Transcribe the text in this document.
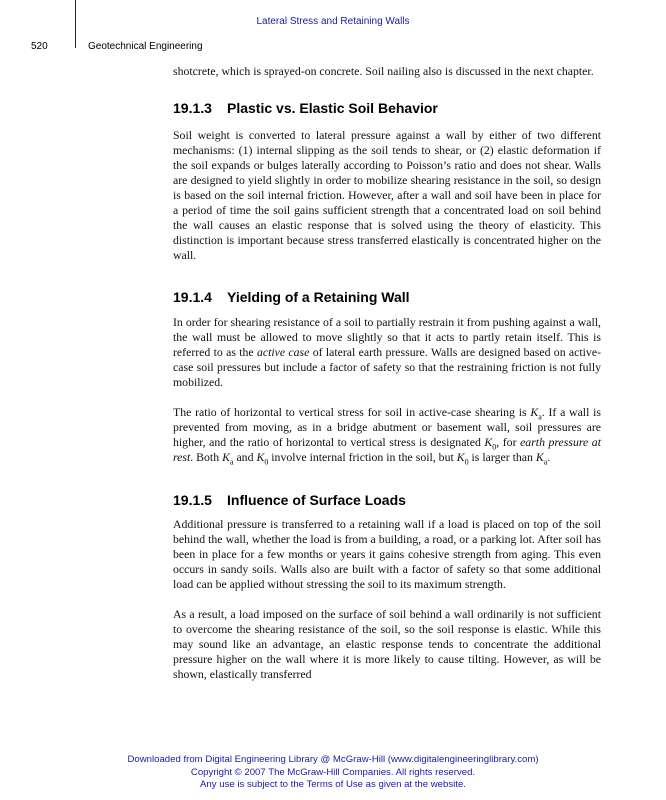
Lateral Stress and Retaining Walls
520	Geotechnical Engineering

shotcrete, which is sprayed-on concrete. Soil nailing also is discussed in the next chapter.

19.1.3 Plastic vs. Elastic Soil Behavior

Soil weight is converted to lateral pressure against a wall by either of two different mechanisms: (1) internal slipping as the soil tends to shear, or (2) elastic deformation if the soil expands or bulges laterally according to Poisson’s ratio and does not shear. Walls are designed to yield slightly in order to mobilize shearing resistance in the soil, so design is based on the soil internal friction. However, after a wall and soil have been in place for a period of time the soil gains sufficient strength that a concentrated load on soil behind the wall causes an elastic response that is solved using the theory of elasticity. This distinction is important because stress transferred elastically is concentrated higher on the wall.

19.1.4 Yielding of a Retaining Wall

In order for shearing resistance of a soil to partially restrain it from pushing against a wall, the wall must be allowed to move slightly so that it acts to partly retain itself. This is referred to as the active case of lateral earth pressure. Walls are designed based on active-case soil pressures but include a factor of safety so that the restraining friction is not fully mobilized.

The ratio of horizontal to vertical stress for soil in active-case shearing is $K_a$. If a wall is prevented from moving, as in a bridge abutment or basement wall, soil pressures are higher, and the ratio of horizontal to vertical stress is designated $K_0$, for earth pressure at rest. Both $K_a$ and $K_0$ involve internal friction in the soil, but $K_0$ is larger than $K_a$.

19.1.5 Influence of Surface Loads

Additional pressure is transferred to a retaining wall if a load is placed on top of the soil behind the wall, whether the load is from a building, a road, or a parking lot. After soil has been in place for a few months or years it gains cohesive strength from aging. This even occurs in sandy soils. Walls also are built with a factor of safety so that some additional load can be applied without stressing the soil to its maximum strength.

As a result, a load imposed on the surface of soil behind a wall ordinarily is not sufficient to overcome the shearing resistance of the soil, so the soil response is elastic. While this may sound like an advantage, an elastic response tends to concentrate the additional pressure higher on the wall where it is more likely to cause tilting. However, as will be shown, elastically transferred

Downloaded from Digital Engineering Library @ McGraw-Hill (www.digitalengineeringlibrary.com)
Copyright © 2007 The McGraw-Hill Companies. All rights reserved.
Any use is subject to the Terms of Use as given at the website.
